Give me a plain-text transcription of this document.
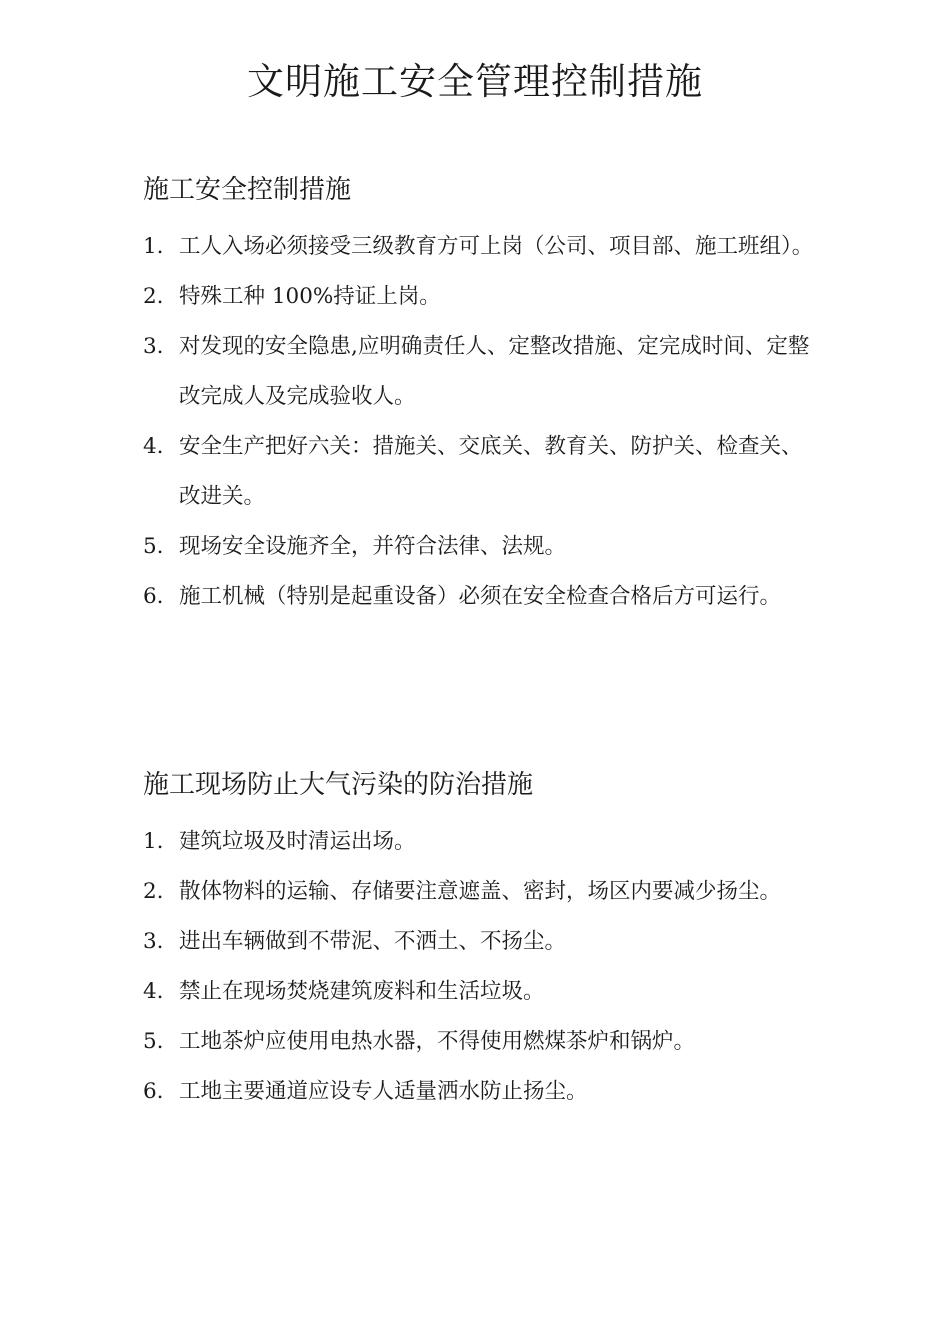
文明施工安全管理控制措施
施工安全控制措施
1. 工人入场必须接受三级教育方可上岗（公司、项目部、施工班组）。
2. 特殊工种 100%持证上岗。
3. 对发现的安全隐患,应明确责任人、定整改措施、定完成时间、定整改完成人及完成验收人。
4. 安全生产把好六关：措施关、交底关、教育关、防护关、检查关、改进关。
5. 现场安全设施齐全，并符合法律、法规。
6. 施工机械（特别是起重设备）必须在安全检查合格后方可运行。
施工现场防止大气污染的防治措施
1. 建筑垃圾及时清运出场。
2. 散体物料的运输、存储要注意遮盖、密封，场区内要减少扬尘。
3. 进出车辆做到不带泥、不洒土、不扬尘。
4. 禁止在现场焚烧建筑废料和生活垃圾。
5. 工地茶炉应使用电热水器，不得使用燃煤茶炉和锅炉。
6. 工地主要通道应设专人适量洒水防止扬尘。
